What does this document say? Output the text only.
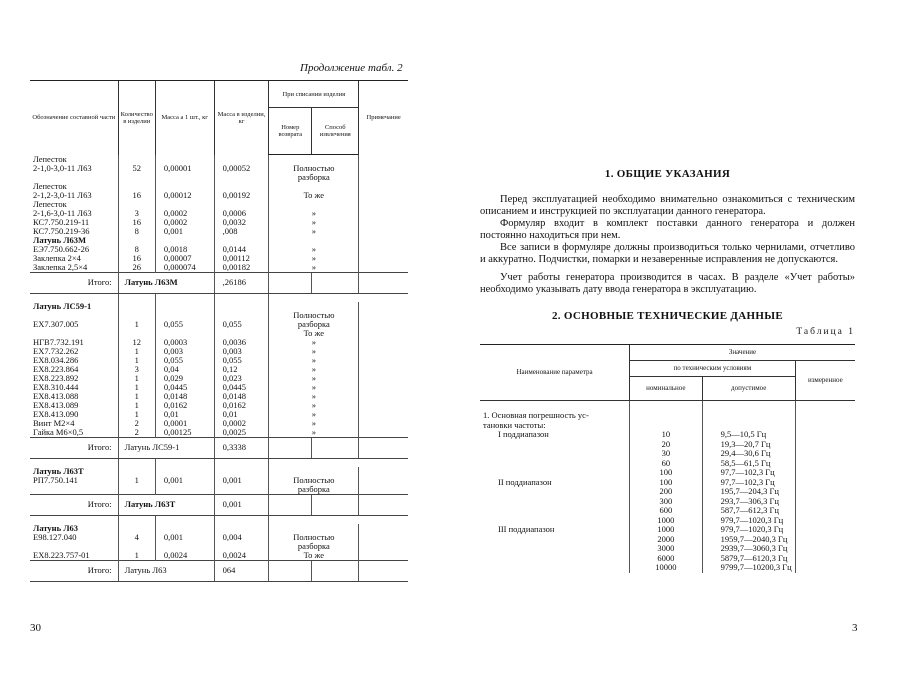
Продолжение табл. 2
Обозначение составной части	Количество в изделии	Масса а 1 шт., кг	Масса в изделии, кг	При списании изделия		Примечание
				Номер возврата	Способ извлечения	
Лепесток						
2-1,0-3,0-11 Л63	52	0,00001	0,00052	Полностью		
				разборка		
Лепесток						
2-1,2-3,0-11 Л63	16	0,00012	0,00192	То же		
Лепесток						
2-1,6-3,0-11 Л63	3	0,0002	0,0006	»		
КС7.750.219-11	16	0,0002	0,0032	»		
КС7.750.219-36	8	0,001	,008	»		
Латунь Л63М						
ЕЭ7.750.662-26	8	0,0018	0,0144	»		
Заклепка 2×4	16	0,00007	0,00112	»		
Заклепка 2,5×4	26	0,000074	0,00182	»		
Итого:	Латунь Л63М		,26186			

Латунь ЛС59-1						
				Полностью		
ЕХ7.307.005	1	0,055	0,055	разборка		
				То же		
НГВ7.732.191	12	0,0003	0,0036	»		
ЕХ7.732.262	1	0,003	0,003	»		
ЕХ8.034.286	1	0,055	0,055	»		
ЕХ8.223.864	3	0,04	0,12	»		
ЕХ8.223.892	1	0,029	0,023	»		
ЕХ8.310.444	1	0,0445	0,0445	»		
ЕХ8.413.088	1	0,0148	0,0148	»		
ЕХ8.413.089	1	0,0162	0,0162	»		
ЕХ8.413.090	1	0,01	0,01	»		
Винт М2×4	2	0,0001	0,0002	»		
Гайка М6×0,5	2	0,00125	0,0025	»		
Итого:	Латунь ЛС59-1		0,3338			

Латунь Л63Т						
РП7.750.141	1	0,001	0,001	Полностью		
				разборка		
Итого:	Латунь Л63Т		0,001			

Латунь Л63						
Е98.127.040	4	0,001	0,004	Полностью		
				разборка		
ЕХ8.223.757-01	1	0,0024	0,0024	То же		
Итого:	Латунь Л63		064			
30
1. ОБЩИЕ УКАЗАНИЯ

Перед эксплуатацией необходимо внимательно ознакомиться с техническим описанием и инструкцией по эксплуатации данного генератора.

Формуляр входит в комплект поставки данного генератора и должен постоянно находиться при нем.

Все записи в формуляре должны производиться только чернилами, отчетливо и аккуратно. Подчистки, помарки и незаверенные исправления не допускаются.

Учет работы генератора производится в часах. В разделе «Учет работы» необходимо указывать дату ввода генератора в эксплуатацию.

2. ОСНОВНЫЕ ТЕХНИЧЕСКИЕ ДАННЫЕ
Таблица 1
Наименование параметра	Значение		
	по техническим условиям		измеренное
	номинальное	допустимое	
1. Основная погрешность ус-			
тановки частоты:			
I поддиапазон	10	9,5—10,5 Гц	
	20	19,3—20,7 Гц	
	30	29,4—30,6 Гц	
	60	58,5—61,5 Гц	
	100	97,7—102,3 Гц	
II поддиапазон	100	97,7—102,3 Гц	
	200	195,7—204,3 Гц	
	300	293,7—306,3 Гц	
	600	587,7—612,3 Гц	
	1000	979,7—1020,3 Гц	
III поддиапазон	1000	979,7—1020,3 Гц	
	2000	1959,7—2040,3 Гц	
	3000	2939,7—3060,3 Гц	
	6000	5879,7—6120,3 Гц	
	10000	9799,7—10200,3 Гц	
3
